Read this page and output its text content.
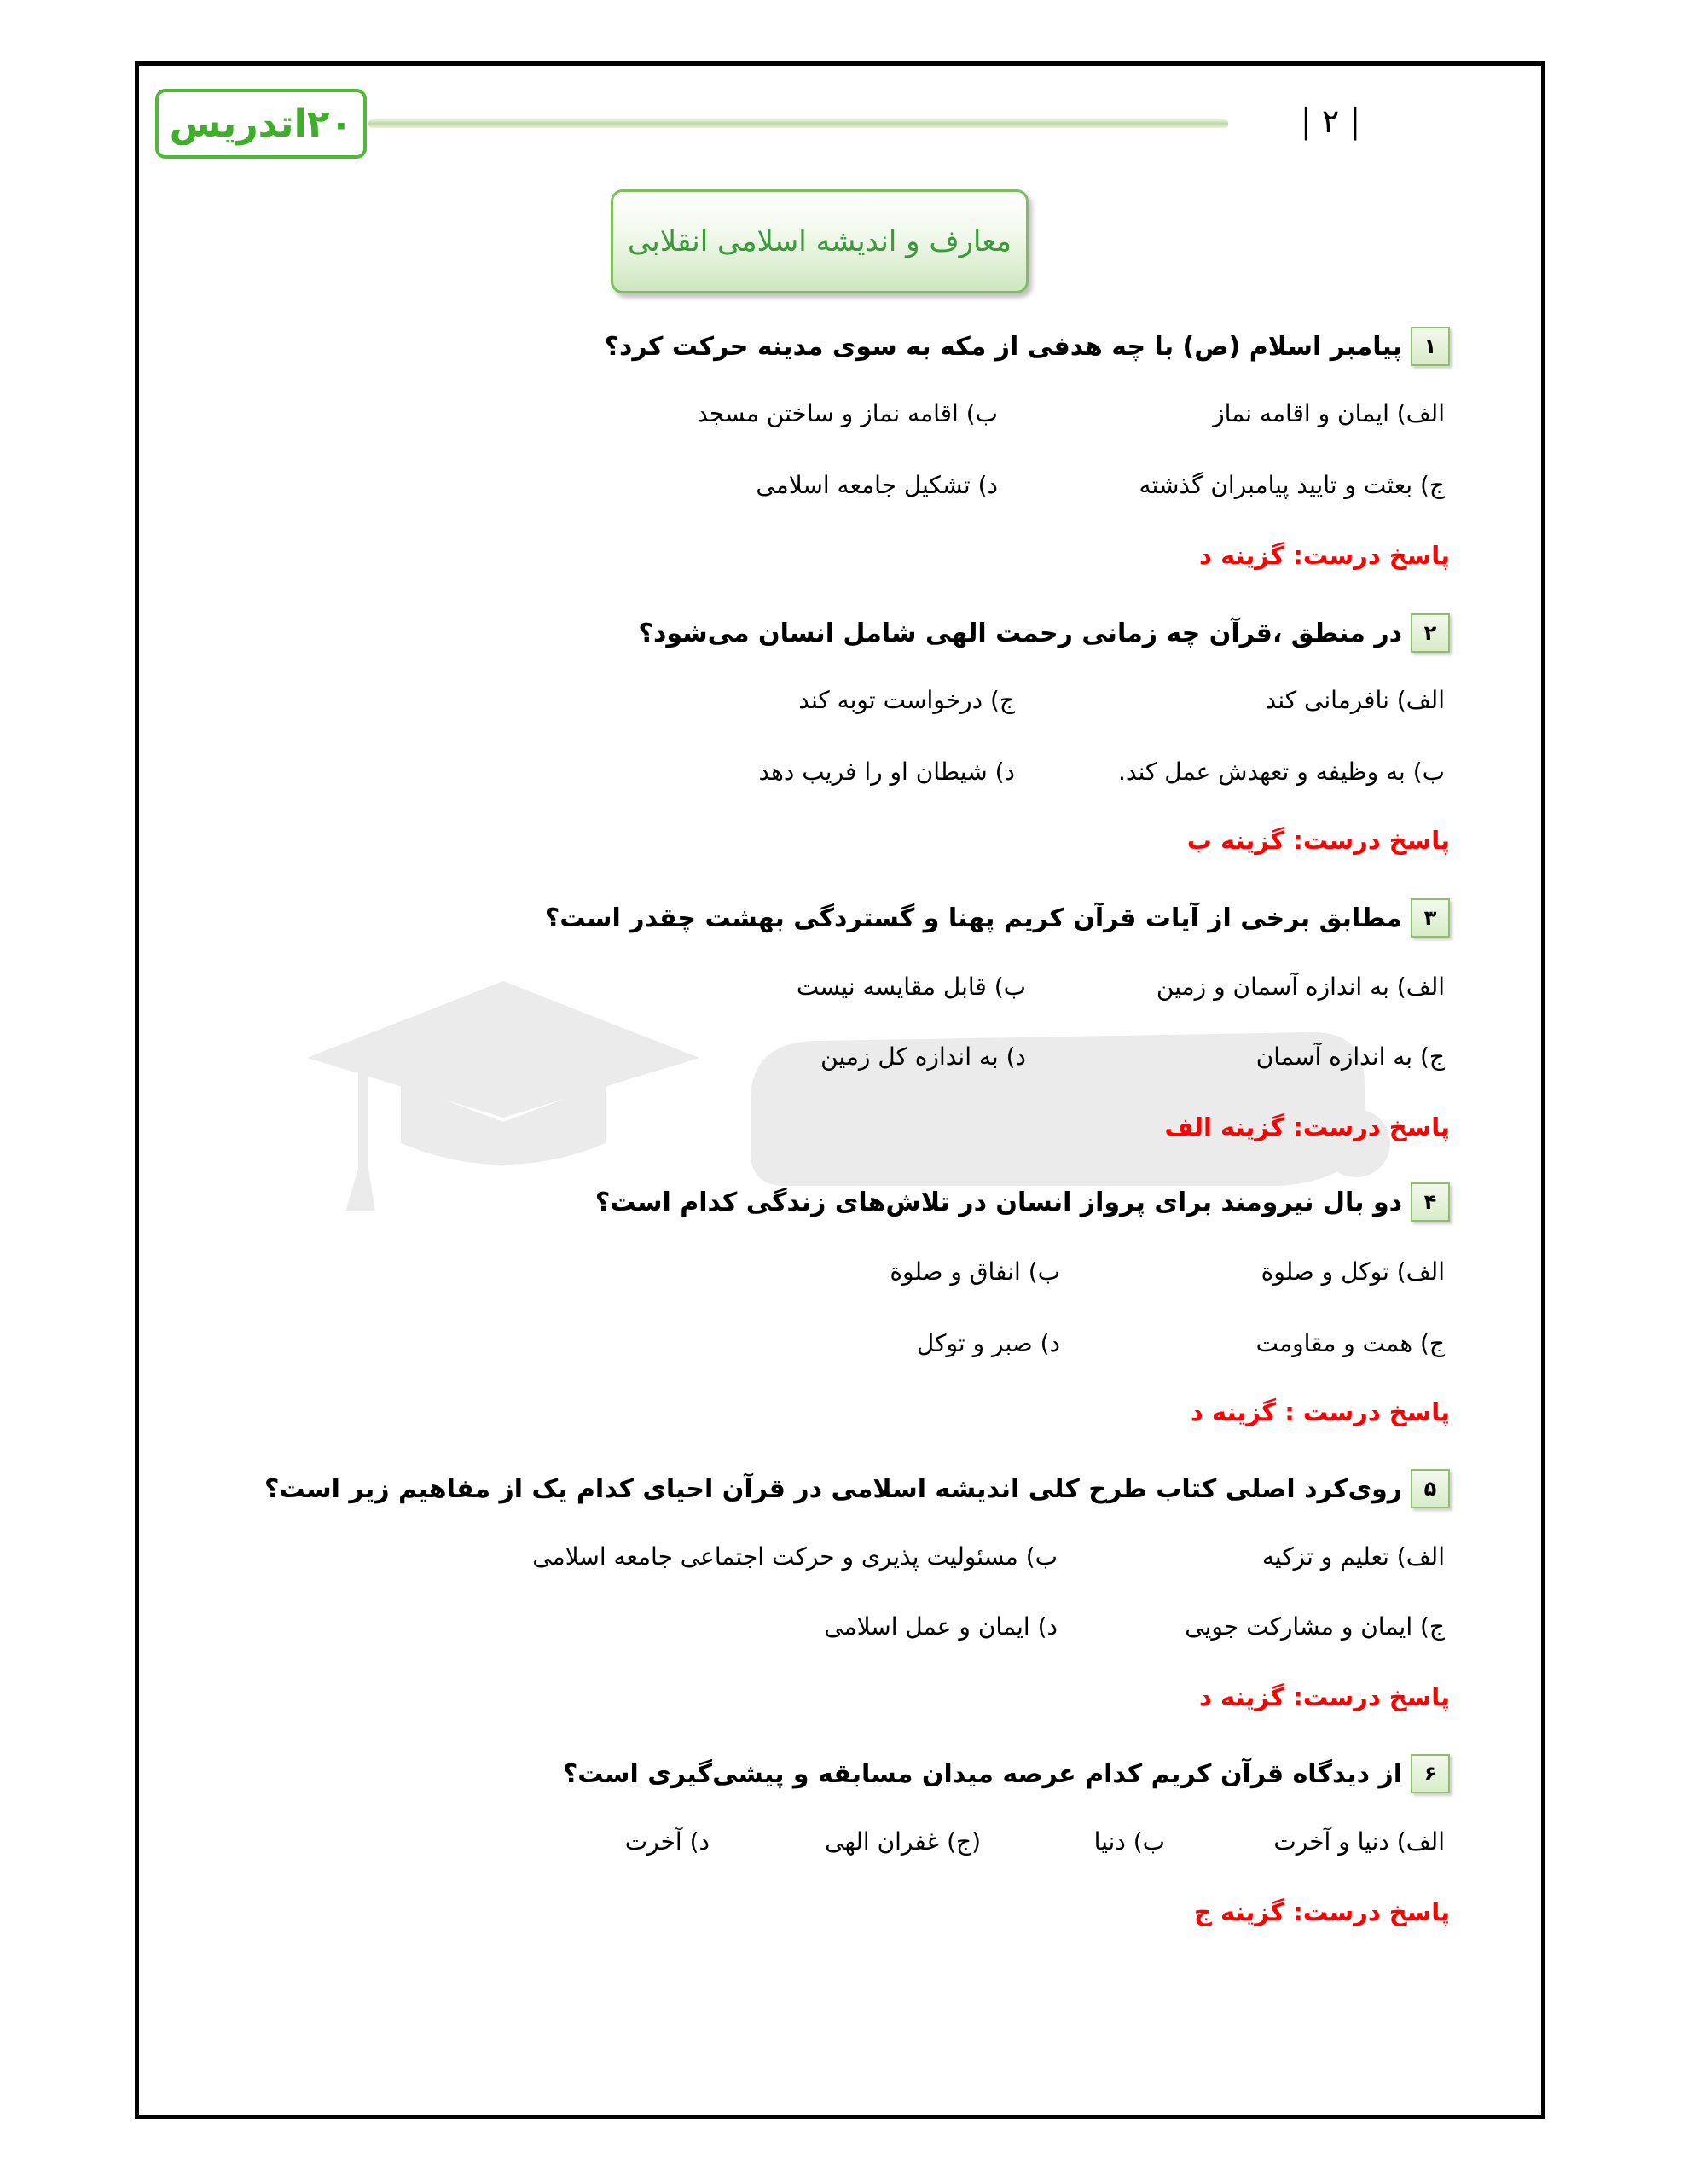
۲۰اتدریس	| ۲ |
معارف و اندیشه اسلامی انقلابی
۱
پیامبر اسلام (ص) با چه هدفی از مکه به سوی مدینه حرکت کرد؟
الف) ایمان و اقامه نماز
ب) اقامه نماز و ساختن مسجد
ج) بعثت و تایید پیامبران گذشته
د) تشکیل جامعه اسلامی
پاسخ درست: گزینه د
۲
در منطق ،قرآن چه زمانی رحمت الهی شامل انسان می‌شود؟
الف) نافرمانی کند
ج) درخواست توبه کند
ب) به وظیفه و تعهدش عمل کند.
د) شیطان او را فریب دهد
پاسخ درست: گزینه ب
۳
مطابق برخی از آیات قرآن کریم پهنا و گستردگی بهشت چقدر است؟
الف) به اندازه آسمان و زمین
ب) قابل مقایسه نیست
ج) به اندازه آسمان
د) به اندازه کل زمین
پاسخ درست: گزینه الف
۴
دو بال نیرومند برای پرواز انسان در تلاش‌های زندگی کدام است؟
الف) توکل و صلوة
ب) انفاق و صلوة
ج) همت و مقاومت
د) صبر و توکل
پاسخ درست : گزینه د
۵
روی‌کرد اصلی کتاب طرح کلی اندیشه اسلامی در قرآن احیای کدام یک از مفاهیم زیر است؟
الف) تعلیم و تزکیه
ب) مسئولیت پذیری و حرکت اجتماعی جامعه اسلامی
ج) ایمان و مشارکت جویی
د) ایمان و عمل اسلامی
پاسخ درست: گزینه د
۶
از دیدگاه قرآن کریم کدام عرصه میدان مسابقه و پیشی‌گیری است؟
الف) دنیا و آخرت
ب) دنیا
(ج) غفران الهی
د) آخرت
پاسخ درست: گزینه ج
